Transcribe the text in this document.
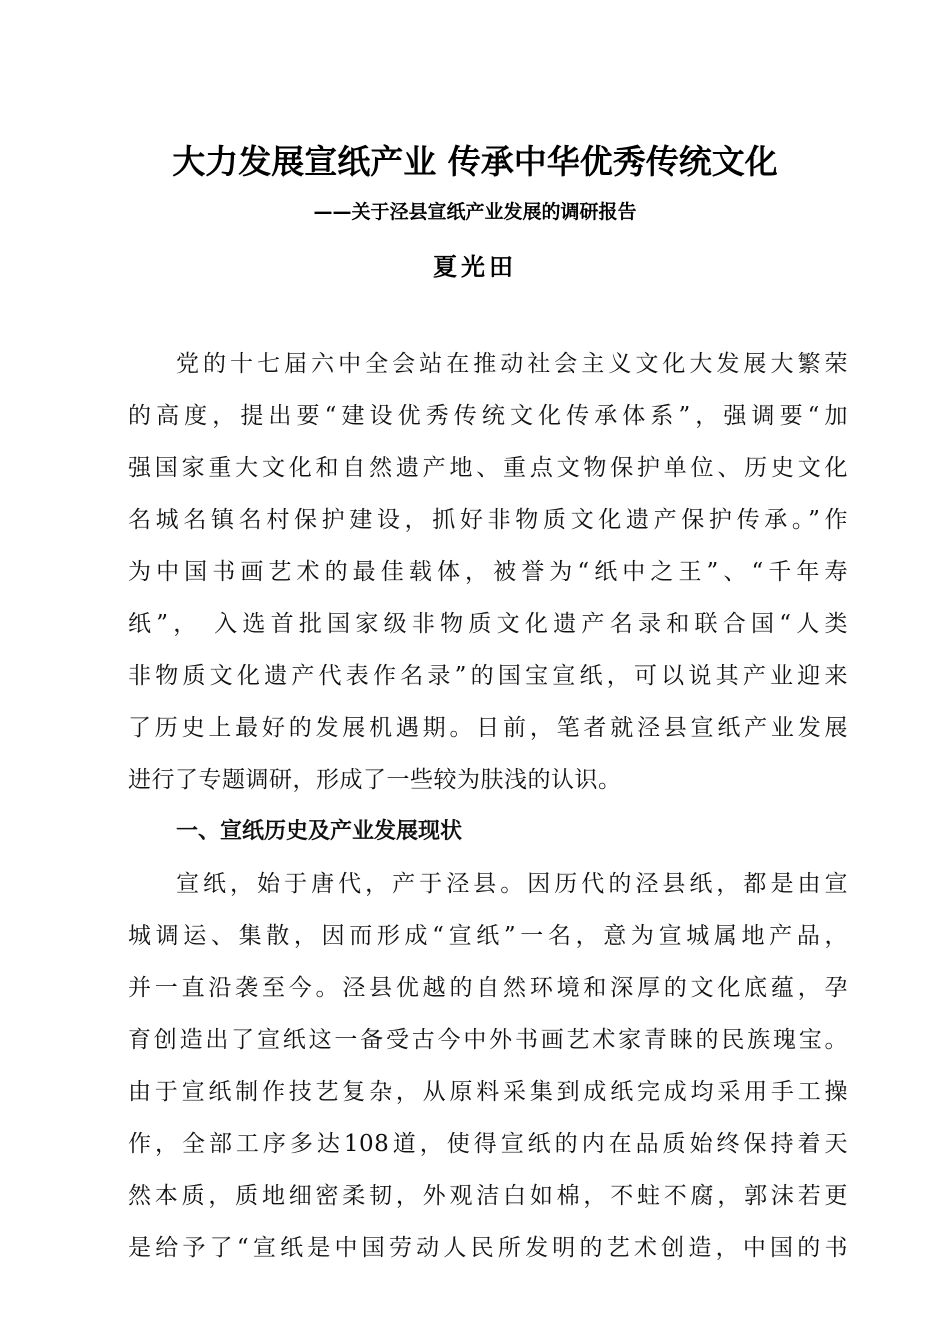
大力发展宣纸产业 传承中华优秀传统文化
——关于泾县宣纸产业发展的调研报告
夏光田
党的十七届六中全会站在推动社会主义文化大发展大繁荣
的高度，提出要“建设优秀传统文化传承体系”，强调要“加
强国家重大文化和自然遗产地、重点文物保护单位、历史文化
名城名镇名村保护建设，抓好非物质文化遗产保护传承。”作
为中国书画艺术的最佳载体，被誉为“纸中之王”、“千年寿
纸”， 入选首批国家级非物质文化遗产名录和联合国“人类
非物质文化遗产代表作名录”的国宝宣纸，可以说其产业迎来
了历史上最好的发展机遇期。日前，笔者就泾县宣纸产业发展
进行了专题调研，形成了一些较为肤浅的认识。
一、宣纸历史及产业发展现状
宣纸，始于唐代，产于泾县。因历代的泾县纸，都是由宣
城调运、集散，因而形成“宣纸”一名，意为宣城属地产品，
并一直沿袭至今。泾县优越的自然环境和深厚的文化底蕴，孕
育创造出了宣纸这一备受古今中外书画艺术家青睐的民族瑰宝。
由于宣纸制作技艺复杂，从原料采集到成纸完成均采用手工操
作，全部工序多达108道，使得宣纸的内在品质始终保持着天
然本质，质地细密柔韧，外观洁白如棉，不蛀不腐，郭沫若更
是给予了“宣纸是中国劳动人民所发明的艺术创造，中国的书
